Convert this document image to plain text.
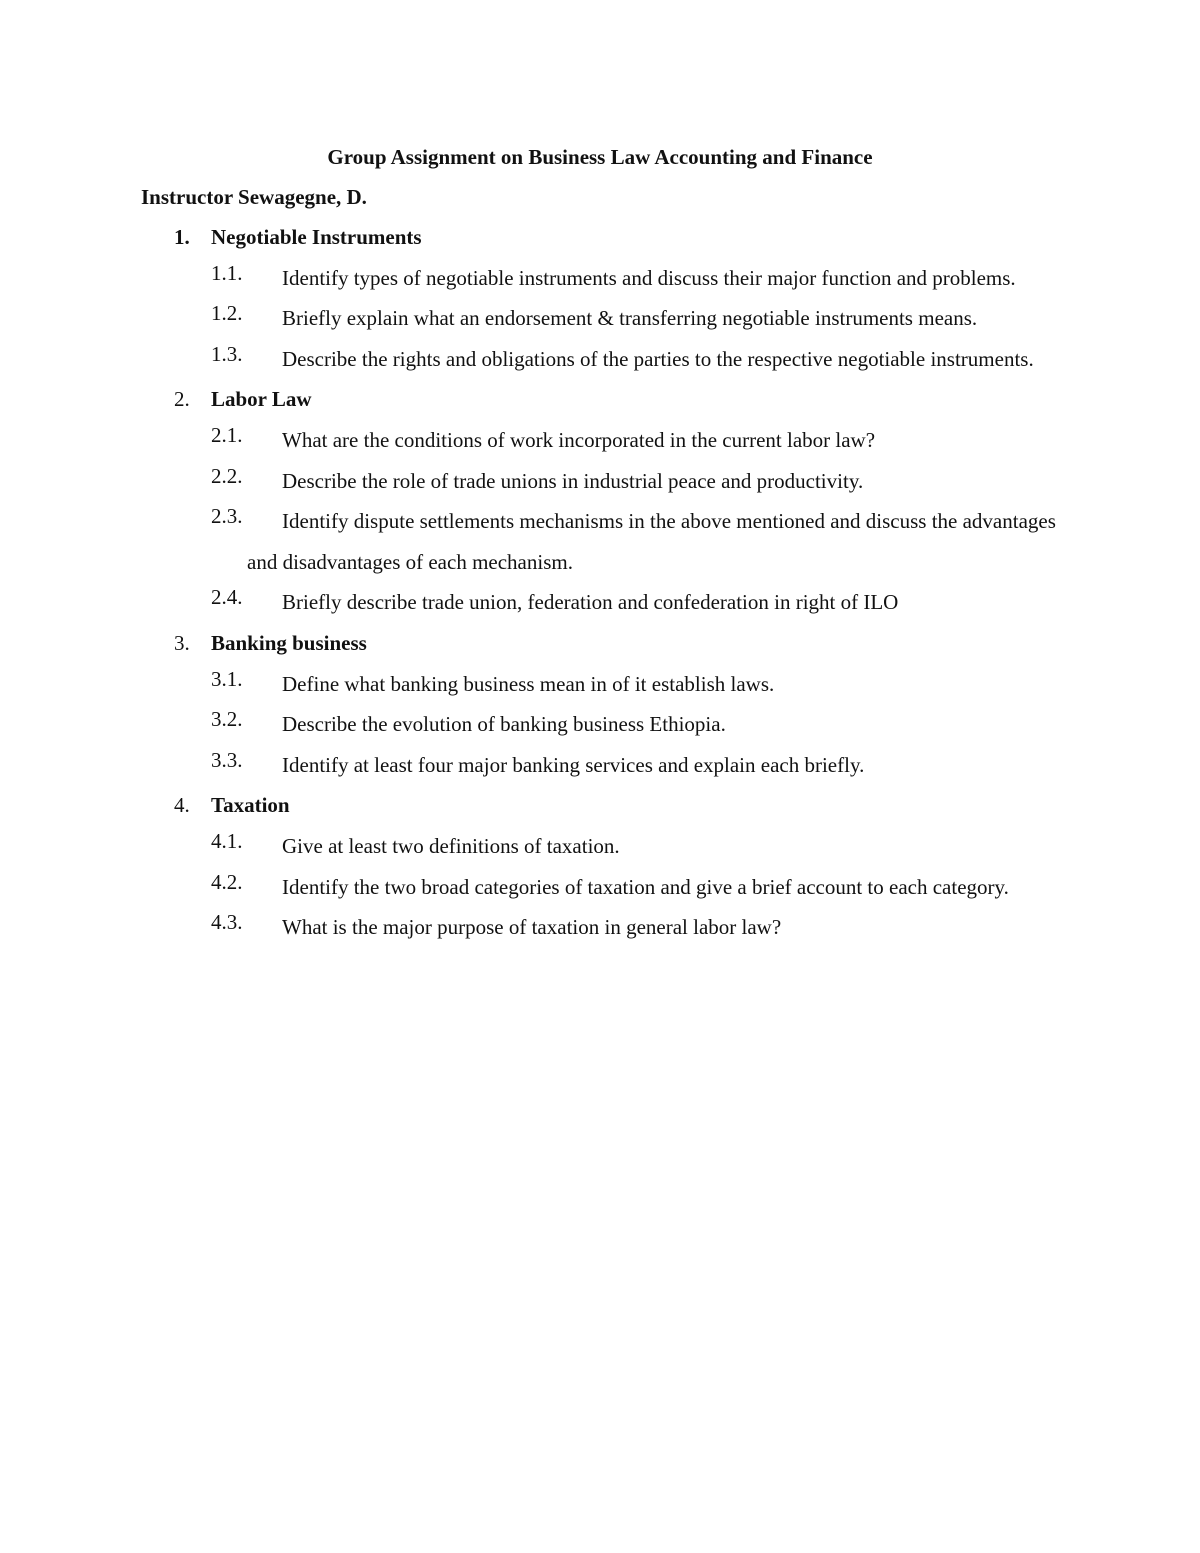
Group Assignment on Business Law Accounting and Finance
Instructor Sewagegne, D.
1. Negotiable Instruments
1.1.	Identify types of negotiable instruments and discuss their major function and problems.
1.2.	Briefly explain what an endorsement & transferring negotiable instruments means.
1.3.	Describe the rights and obligations of the parties to the respective negotiable instruments.
2. Labor Law
2.1.	What are the conditions of work incorporated in the current labor law?
2.2.	Describe the role of trade unions in industrial peace and productivity.
2.3.	Identify dispute settlements mechanisms in the above mentioned and discuss the advantages and disadvantages of each mechanism.
2.4.	Briefly describe trade union, federation and confederation in right of ILO
3. Banking business
3.1.	Define what banking business mean in of it establish laws.
3.2.	Describe the evolution of banking business Ethiopia.
3.3.	Identify at least four major banking services and explain each briefly.
4. Taxation
4.1.	Give at least two definitions of taxation.
4.2.	Identify the two broad categories of taxation and give a brief account to each category.
4.3.	What is the major purpose of taxation in general labor law?
